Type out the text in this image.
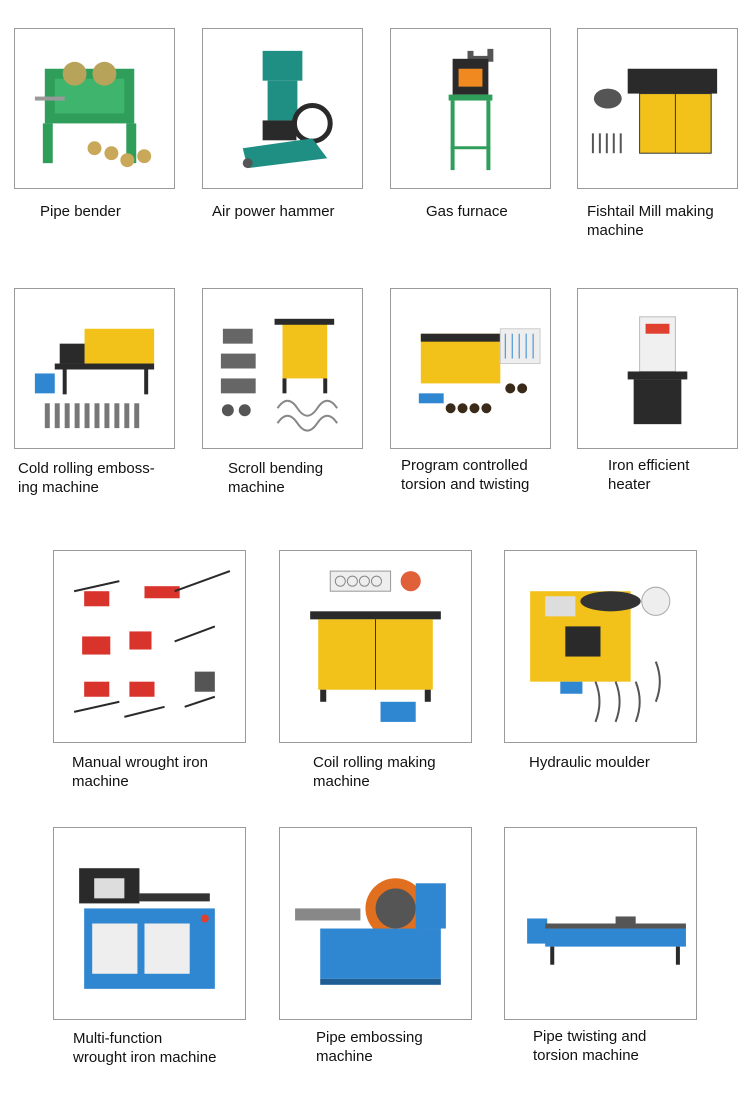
Pipe bender	Air power hammer	Gas furnace	Fishtail Mill making
machine
Cold rolling emboss-
ing machine
Scroll bending
machine
Program controlled
torsion and twisting
Iron efficient
heater
Manual wrought iron
machine
Coil rolling making
machine
Hydraulic moulder
Multi-function
wrought iron machine
Pipe embossing
machine
Pipe twisting and
torsion machine
